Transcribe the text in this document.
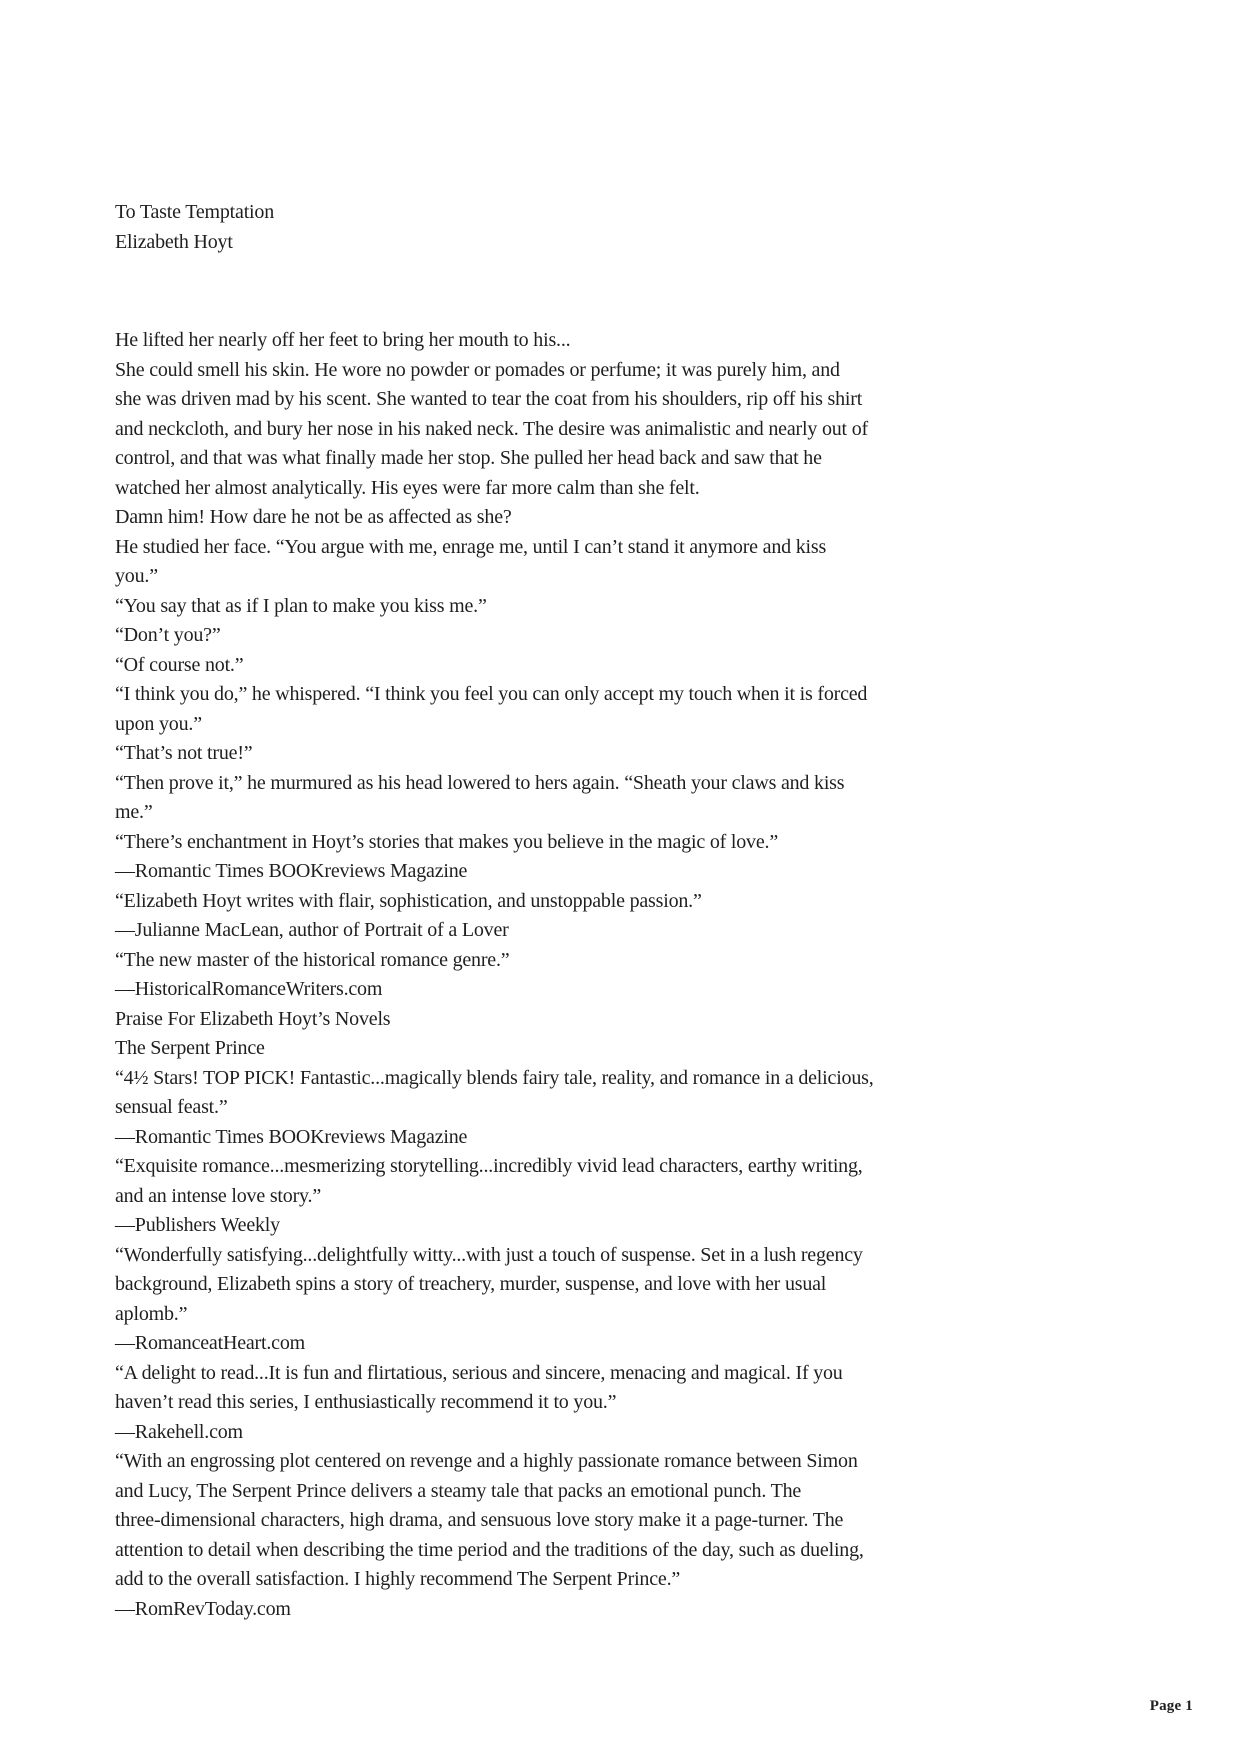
To Taste Temptation
Elizabeth Hoyt
He lifted her nearly off her feet to bring her mouth to his...
She could smell his skin. He wore no powder or pomades or perfume; it was purely him, and
she was driven mad by his scent. She wanted to tear the coat from his shoulders, rip off his shirt
and neckcloth, and bury her nose in his naked neck. The desire was animalistic and nearly out of
control, and that was what finally made her stop. She pulled her head back and saw that he
watched her almost analytically. His eyes were far more calm than she felt.
Damn him! How dare he not be as affected as she?
He studied her face. “You argue with me, enrage me, until I can’t stand it anymore and kiss
you.”
“You say that as if I plan to make you kiss me.”
“Don’t you?”
“Of course not.”
“I think you do,” he whispered. “I think you feel you can only accept my touch when it is forced
upon you.”
“That’s not true!”
“Then prove it,” he murmured as his head lowered to hers again. “Sheath your claws and kiss
me.”
“There’s enchantment in Hoyt’s stories that makes you believe in the magic of love.”
—Romantic Times BOOKreviews Magazine
“Elizabeth Hoyt writes with flair, sophistication, and unstoppable passion.”
—Julianne MacLean, author of Portrait of a Lover
“The new master of the historical romance genre.”
—HistoricalRomanceWriters.com
Praise For Elizabeth Hoyt’s Novels
The Serpent Prince
“4½ Stars! TOP PICK! Fantastic...magically blends fairy tale, reality, and romance in a delicious,
sensual feast.”
—Romantic Times BOOKreviews Magazine
“Exquisite romance...mesmerizing storytelling...incredibly vivid lead characters, earthy writing,
and an intense love story.”
—Publishers Weekly
“Wonderfully satisfying...delightfully witty...with just a touch of suspense. Set in a lush regency
background, Elizabeth spins a story of treachery, murder, suspense, and love with her usual
aplomb.”
—RomanceatHeart.com
“A delight to read...It is fun and flirtatious, serious and sincere, menacing and magical. If you
haven’t read this series, I enthusiastically recommend it to you.”
—Rakehell.com
“With an engrossing plot centered on revenge and a highly passionate romance between Simon
and Lucy, The Serpent Prince delivers a steamy tale that packs an emotional punch. The
three-dimensional characters, high drama, and sensuous love story make it a page-turner. The
attention to detail when describing the time period and the traditions of the day, such as dueling,
add to the overall satisfaction. I highly recommend The Serpent Prince.”
—RomRevToday.com
Page 1
